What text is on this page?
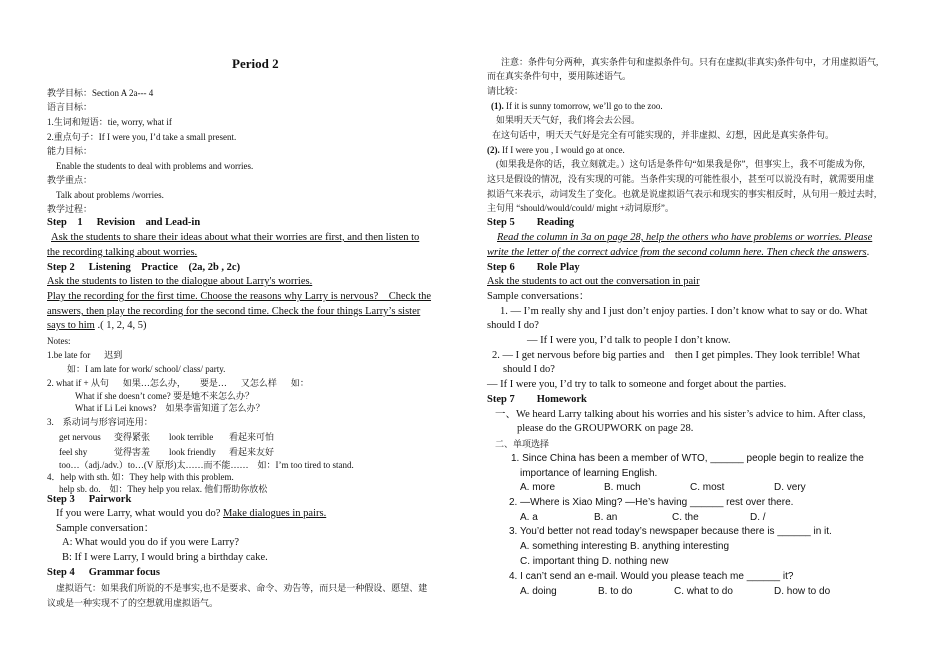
Period 2
教学目标：Section A 2a--- 4
语言目标：
1.生词和短语：tie, worry, what if
2.重点句子：If I were you, I’d take a small present.
能力目标：
Enable the students to deal with problems and worries.
教学重点：
Talk about problems /worries.
教学过程：
Step　1 Revision　and Lead-in
Ask the students to share their ideas about what their worries are first, and then listen to
the recording talking about worries.
Step 2 Listening　Practice　(2a, 2b , 2c)
Ask the students to listen to the dialogue about Larry's worries.
Play the recording for the first time. Choose the reasons why Larry is nervous?　Check the
answers, then play the recording for the second time. Check the four things Larry’s sister
says to him .( 1, 2, 4, 5)
Notes:
1.be late for 迟到
如：I am late for work/ school/ class/ party.
2. what if + 从句 如果…怎么办， 要是… 又怎么样 如：
What if she doesn’t come? 要是她不来怎么办？
What if Li Lei knows?　如果李雷知道了怎么办？
3.　系动词与形容词连用：
get nervous 变得紧张 look terrible 看起来可怕
feel shy	觉得害羞 look friendly 看起来友好
too…（adj./adv.）to…(V 原形)太……而不能……　如：I’m too tired to stand.
4．help with sth. 如：They help with this problem.
help sb. do.　如：They help you relax. 他们帮助你放松
Step 3 Pairwork
If you were Larry, what would you do? Make dialogues in pairs.
Sample conversation：
A: What would you do if you were Larry?
B: If I were Larry, I would bring a birthday cake.
Step 4 Grammar focus
虚拟语气：如果我们所说的不是事实,也不是要求、命令、劝告等，而只是一种假设、愿望、建
议或是一种实现不了的空想就用虚拟语气。
注意：条件句分两种，真实条件句和虚拟条件句。只有在虚拟(非真实)条件句中，才用虚拟语气,
而在真实条件句中，要用陈述语气。
请比较：
(1). If it is sunny tomorrow, we’ll go to the zoo.
如果明天天气好，我们将会去公园。
在这句话中，明天天气好是完全有可能实现的，并非虚拟、幻想，因此是真实条件句。
(2). If I were you , I would go at once.
(如果我是你的话，我立刻就走。）这句话是条件句“如果我是你”，但事实上，我不可能成为你,
这只是假设的情况，没有实现的可能。当条件实现的可能性很小，甚至可以说没有时，就需要用虚
拟语气来表示，动词发生了变化。也就是说虚拟语气表示和现实的事实相反时，从句用一般过去时,
主句用 “should/would/could/ might +动词原形”。
Step 5 Reading
Read the column in 3a on page 28, help the others who have problems or worries. Please
write the letter of the correct advice from the second column here. Then check the answers.
Step 6 Role Play
Ask the students to act out the conversation in pair
Sample conversations：
1. — I’m really shy and I just don’t enjoy parties. I don’t know what to say or do. What
should I do?
— If I were you, I’d talk to people I don’t know.
2. — I get nervous before big parties and　then I get pimples. They look terrible! What
should I do?
— If I were you, I’d try to talk to someone and forget about the parties.
Step 7 Homework
一、We heard Larry talking about his worries and his sister’s advice to him. After class,
please do the GROUPWORK on page 28.
二、单项选择
1. Since China has been a member of WTO, ______ people begin to realize the
importance of learning English.
A. more	B. much	C. most	D. very
2. —Where is Xiao Ming? —He’s having ______ rest over there.
A. a	B. an	C. the	D. /
3. You’d better not read today’s newspaper because there is ______ in it.
A. something interesting B. anything interesting
C. important thing D. nothing new
4. I can’t send an e-mail. Would you please teach me ______ it?
A. doing	B. to do	C. what to do	D. how to do
